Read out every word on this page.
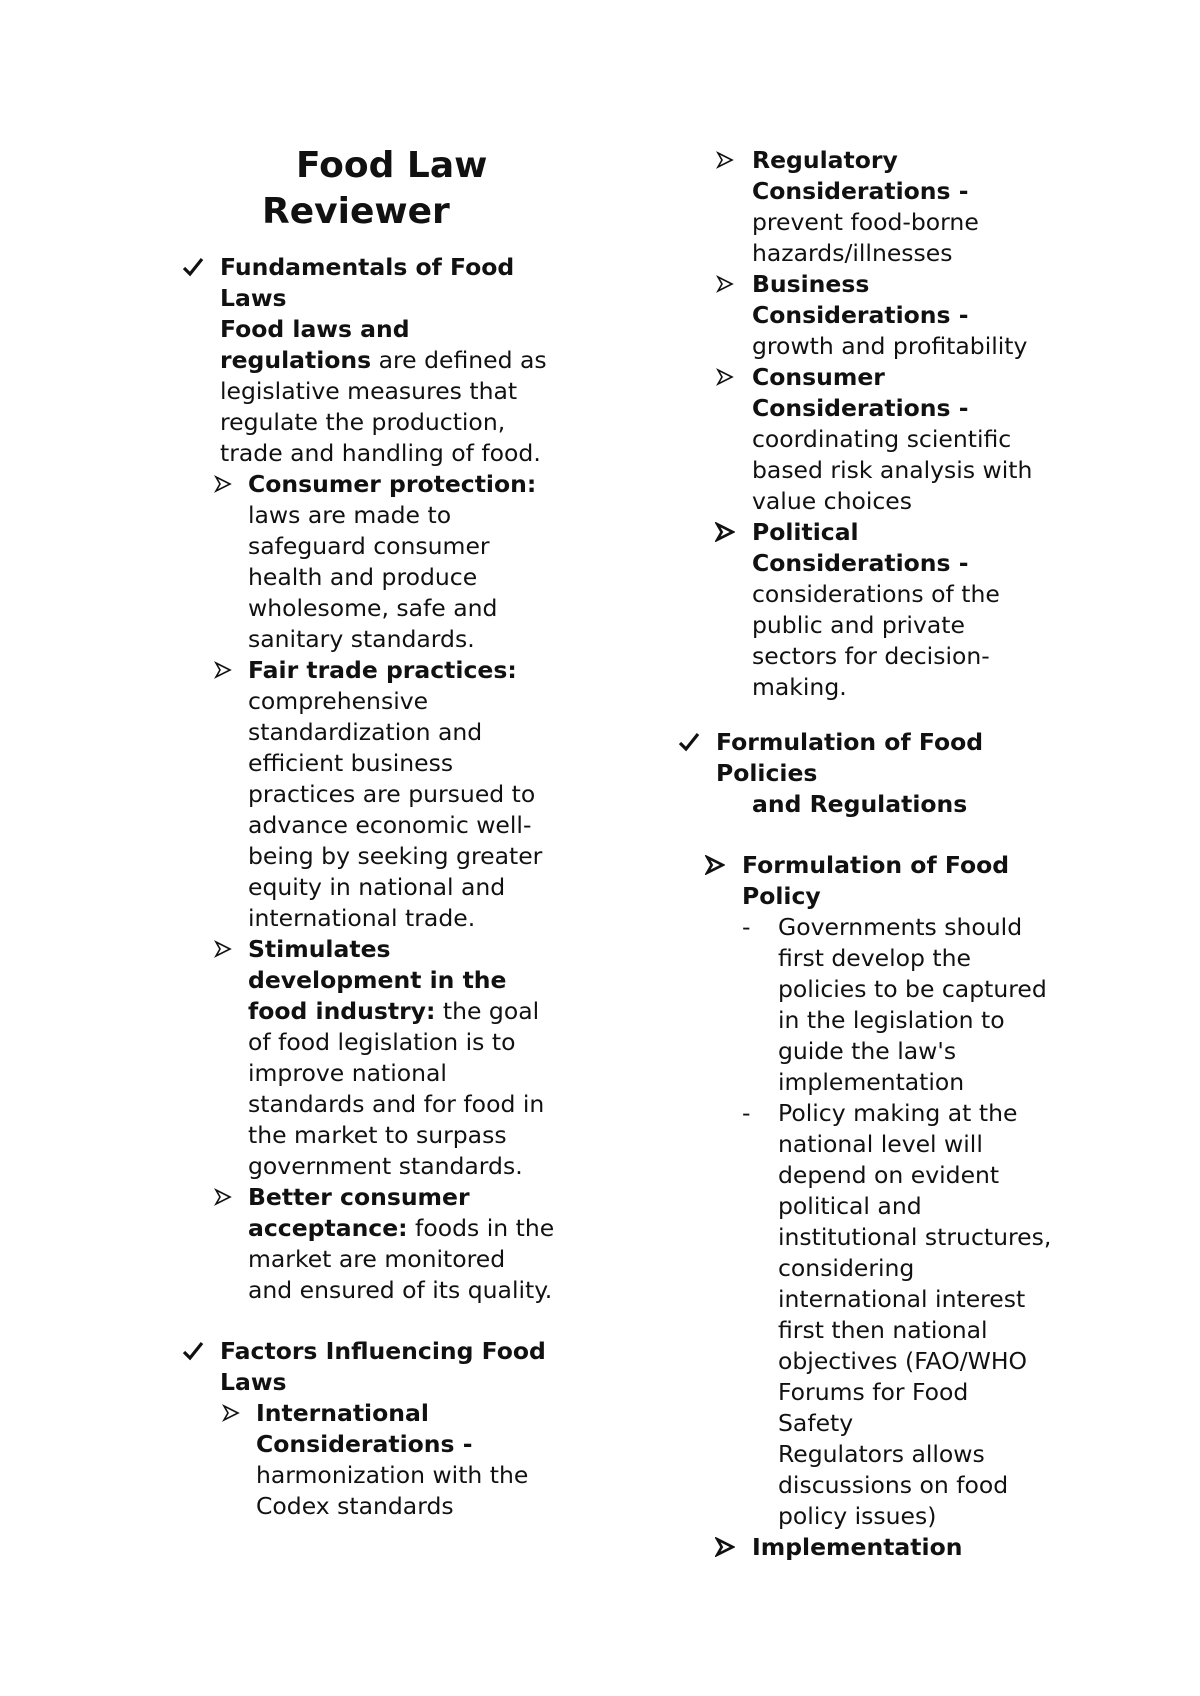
Food Law
Reviewer
Fundamentals of Food
Laws
Food laws and
regulations are defined as
legislative measures that
regulate the production,
trade and handling of food.
Consumer protection:
laws are made to
safeguard consumer
health and produce
wholesome, safe and
sanitary standards.
Fair trade practices:
comprehensive
standardization and
efficient business
practices are pursued to
advance economic well-
being by seeking greater
equity in national and
international trade.
Stimulates
development in the
food industry: the goal
of food legislation is to
improve national
standards and for food in
the market to surpass
government standards.
Better consumer
acceptance: foods in the
market are monitored
and ensured of its quality.
Factors Influencing Food
Laws
International
Considerations -
harmonization with the
Codex standards
Regulatory
Considerations -
prevent food-borne
hazards/illnesses
Business
Considerations -
growth and profitability
Consumer
Considerations -
coordinating scientific
based risk analysis with
value choices
Political
Considerations -
considerations of the
public and private
sectors for decision-
making.
Formulation of Food
Policies
and Regulations
Formulation of Food
Policy
- Governments should
first develop the
policies to be captured
in the legislation to
guide the law's
implementation
- Policy making at the
national level will
depend on evident
political and
institutional structures,
considering
international interest
first then national
objectives (FAO/WHO
Forums for Food
Safety
Regulators allows
discussions on food
policy issues)
Implementation
